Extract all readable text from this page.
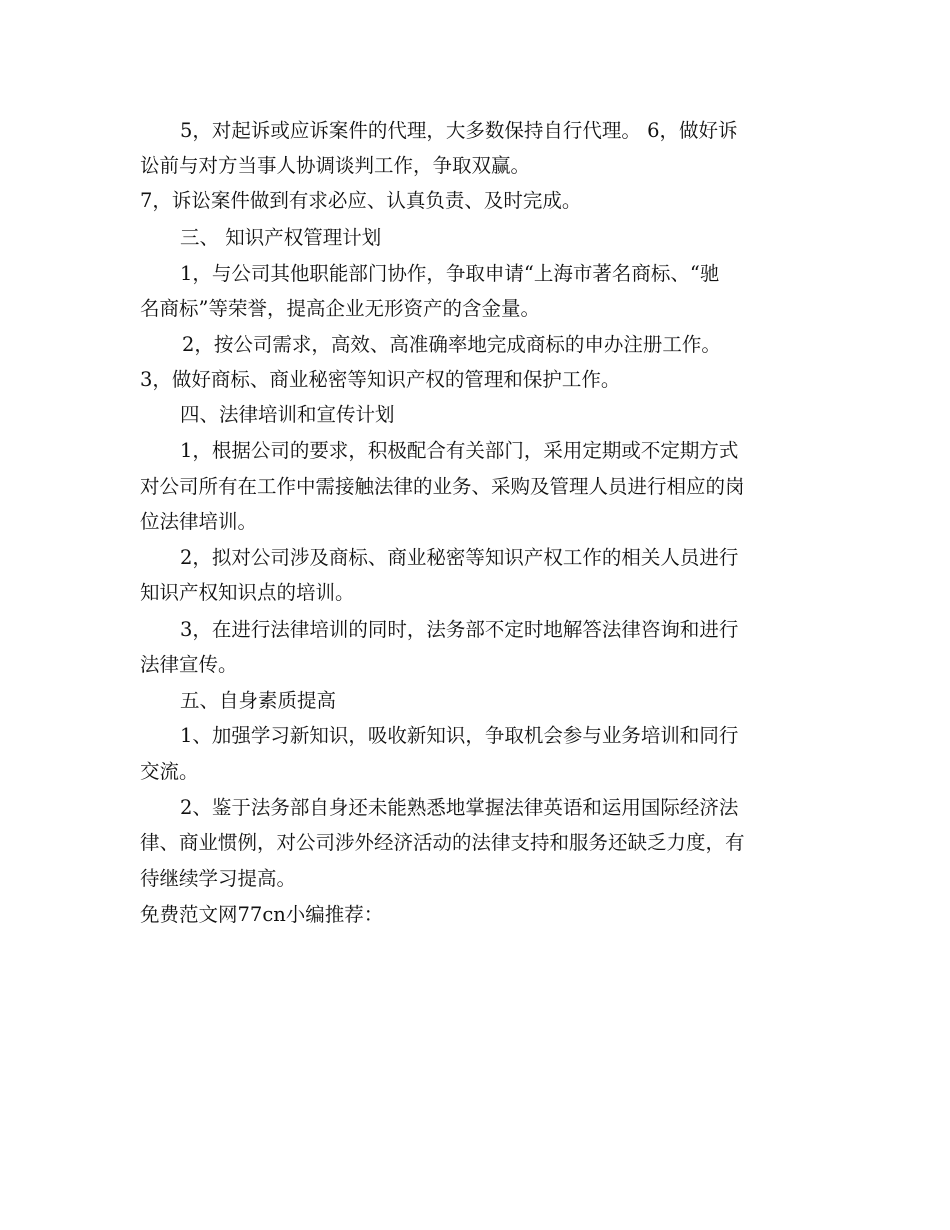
5，对起诉或应诉案件的代理，大多数保持自行代理。 6，做好诉
讼前与对方当事人协调谈判工作，争取双赢。
7，诉讼案件做到有求必应、认真负责、及时完成。
三、 知识产权管理计划
1，与公司其他职能部门协作，争取申请“上海市著名商标、“驰
名商标”等荣誉，提高企业无形资产的含金量。
2，按公司需求，高效、高准确率地完成商标的申办注册工作。
3，做好商标、商业秘密等知识产权的管理和保护工作。
四、法律培训和宣传计划
1，根据公司的要求，积极配合有关部门，采用定期或不定期方式
对公司所有在工作中需接触法律的业务、采购及管理人员进行相应的岗
位法律培训。
2，拟对公司涉及商标、商业秘密等知识产权工作的相关人员进行
知识产权知识点的培训。
3，在进行法律培训的同时，法务部不定时地解答法律咨询和进行
法律宣传。
五、自身素质提高
1、加强学习新知识，吸收新知识，争取机会参与业务培训和同行
交流。
2、鉴于法务部自身还未能熟悉地掌握法律英语和运用国际经济法
律、商业惯例，对公司涉外经济活动的法律支持和服务还缺乏力度，有
待继续学习提高。
免费范文网77cn小编推荐：
